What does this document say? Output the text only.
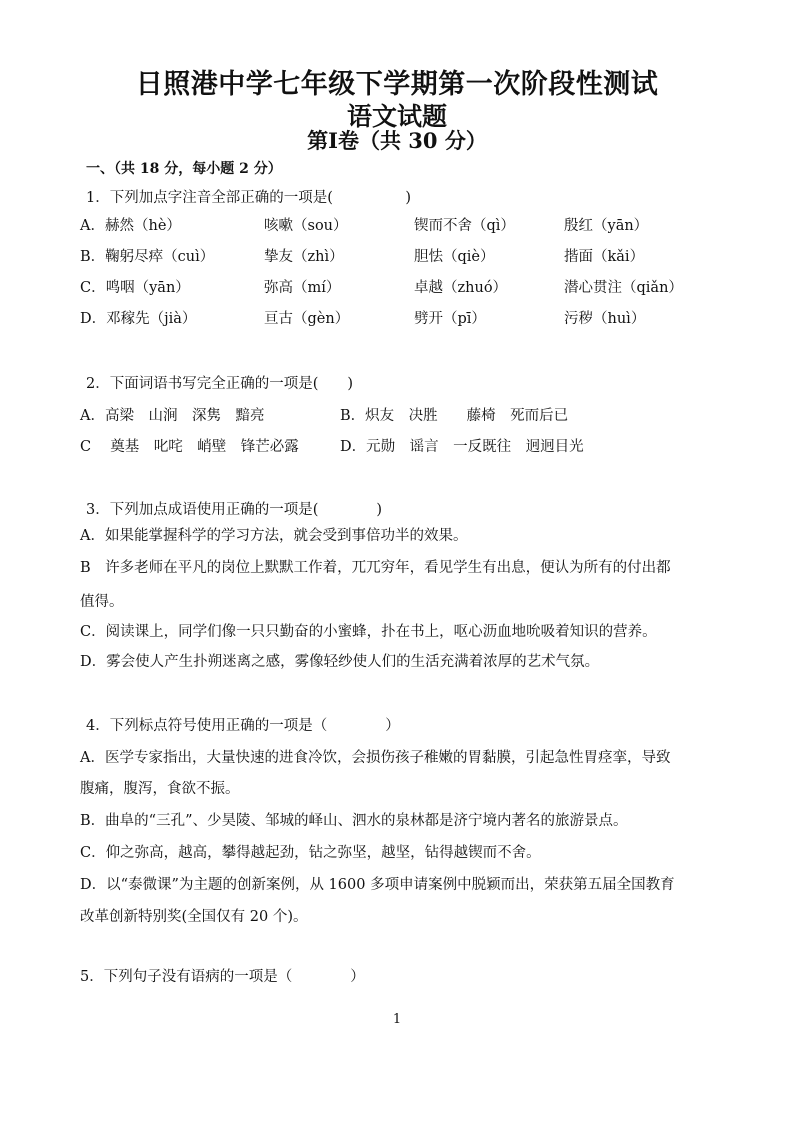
日照港中学七年级下学期第一次阶段性测试
语文试题
第Ⅰ卷（共 30 分）
一、（共 18 分，每小题 2 分）
1．下列加点字注音全部正确的一项是(　　　　　)
A．赫然（hè）	咳嗽（sou）	锲而不舍（qì）	殷红（yān）
B．鞠躬尽瘁（cuì）	挚友（zhì）	胆怯（qiè）	揩面（kǎi）
C．鸣咽（yān）	弥高（mí）	卓越（zhuó）	潜心贯注（qiǎn）
D．邓稼先（jià）	亘古（gèn）	劈开（pī）	污秽（huì）
2．下面词语书写完全正确的一项是(　　)
A．高梁　山涧　深隽　黯亮	B．炽友　决胜　　藤椅　死而后已
C　 奠基　叱咤　峭壁　锋芒必露	D．元勋　谣言　一反既往　迥迥目光
3．下列加点成语使用正确的一项是(　　　　)
A．如果能掌握科学的学习方法，就会受到事倍功半的效果。
B　许多老师在平凡的岗位上默默工作着，兀兀穷年，看见学生有出息，便认为所有的付出都
值得。
C．阅读课上，同学们像一只只勤奋的小蜜蜂，扑在书上，呕心沥血地吮吸着知识的营养。
D．雾会使人产生扑朔迷离之感，雾像轻纱使人们的生活充满着浓厚的艺术气氛。
4．下列标点符号使用正确的一项是（　　　　）
A．医学专家指出，大量快速的进食冷饮，会损伤孩子稚嫩的胃黏膜，引起急性胃痉挛，导致
腹痛，腹泻，食欲不振。
B．曲阜的“三孔”、少昊陵、邹城的峄山、泗水的泉林都是济宁境内著名的旅游景点。
C．仰之弥高，越高，攀得越起劲，钻之弥坚，越坚，钻得越锲而不舍。
D．以“泰微课”为主题的创新案例，从 1600 多项申请案例中脱颖而出，荣获第五届全国教育
改革创新特别奖(全国仅有 20 个)。
5．下列句子没有语病的一项是（　　　　）
1
